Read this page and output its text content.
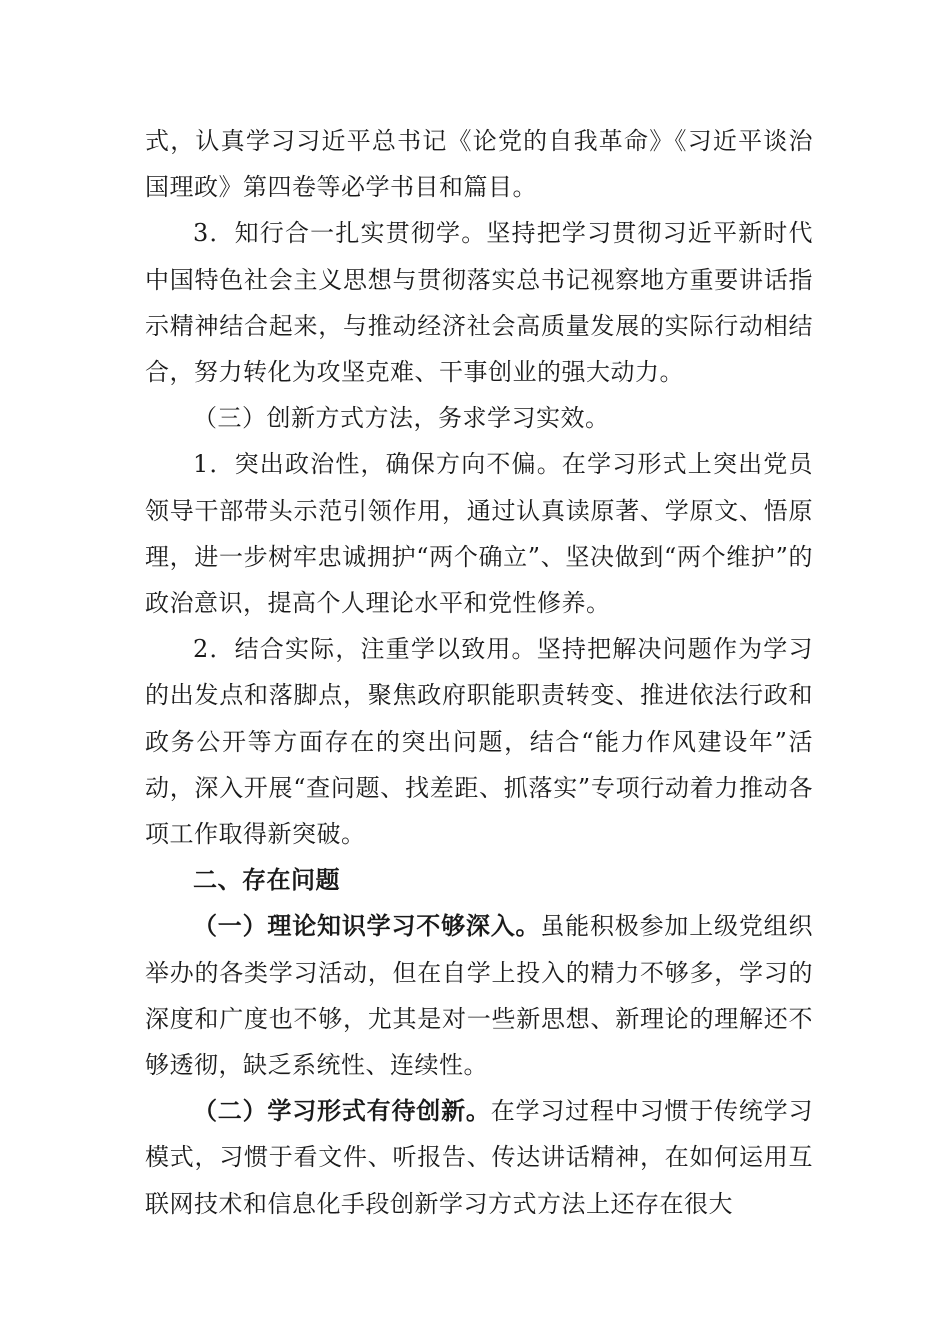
式，认真学习习近平总书记《论党的自我革命》《习近平谈治国理政》第四卷等必学书目和篇目。

3．知行合一扎实贯彻学。坚持把学习贯彻习近平新时代中国特色社会主义思想与贯彻落实总书记视察地方重要讲话指示精神结合起来，与推动经济社会高质量发展的实际行动相结合，努力转化为攻坚克难、干事创业的强大动力。

（三）创新方式方法，务求学习实效。

1．突出政治性，确保方向不偏。在学习形式上突出党员领导干部带头示范引领作用，通过认真读原著、学原文、悟原理，进一步树牢忠诚拥护“两个确立”、坚决做到“两个维护”的政治意识，提高个人理论水平和党性修养。

2．结合实际，注重学以致用。坚持把解决问题作为学习的出发点和落脚点，聚焦政府职能职责转变、推进依法行政和政务公开等方面存在的突出问题，结合“能力作风建设年”活动，深入开展“查问题、找差距、抓落实”专项行动着力推动各项工作取得新突破。

二、存在问题

（一）理论知识学习不够深入。虽能积极参加上级党组织举办的各类学习活动，但在自学上投入的精力不够多，学习的深度和广度也不够，尤其是对一些新思想、新理论的理解还不够透彻，缺乏系统性、连续性。

（二）学习形式有待创新。在学习过程中习惯于传统学习模式，习惯于看文件、听报告、传达讲话精神，在如何运用互联网技术和信息化手段创新学习方式方法上还存在很大
